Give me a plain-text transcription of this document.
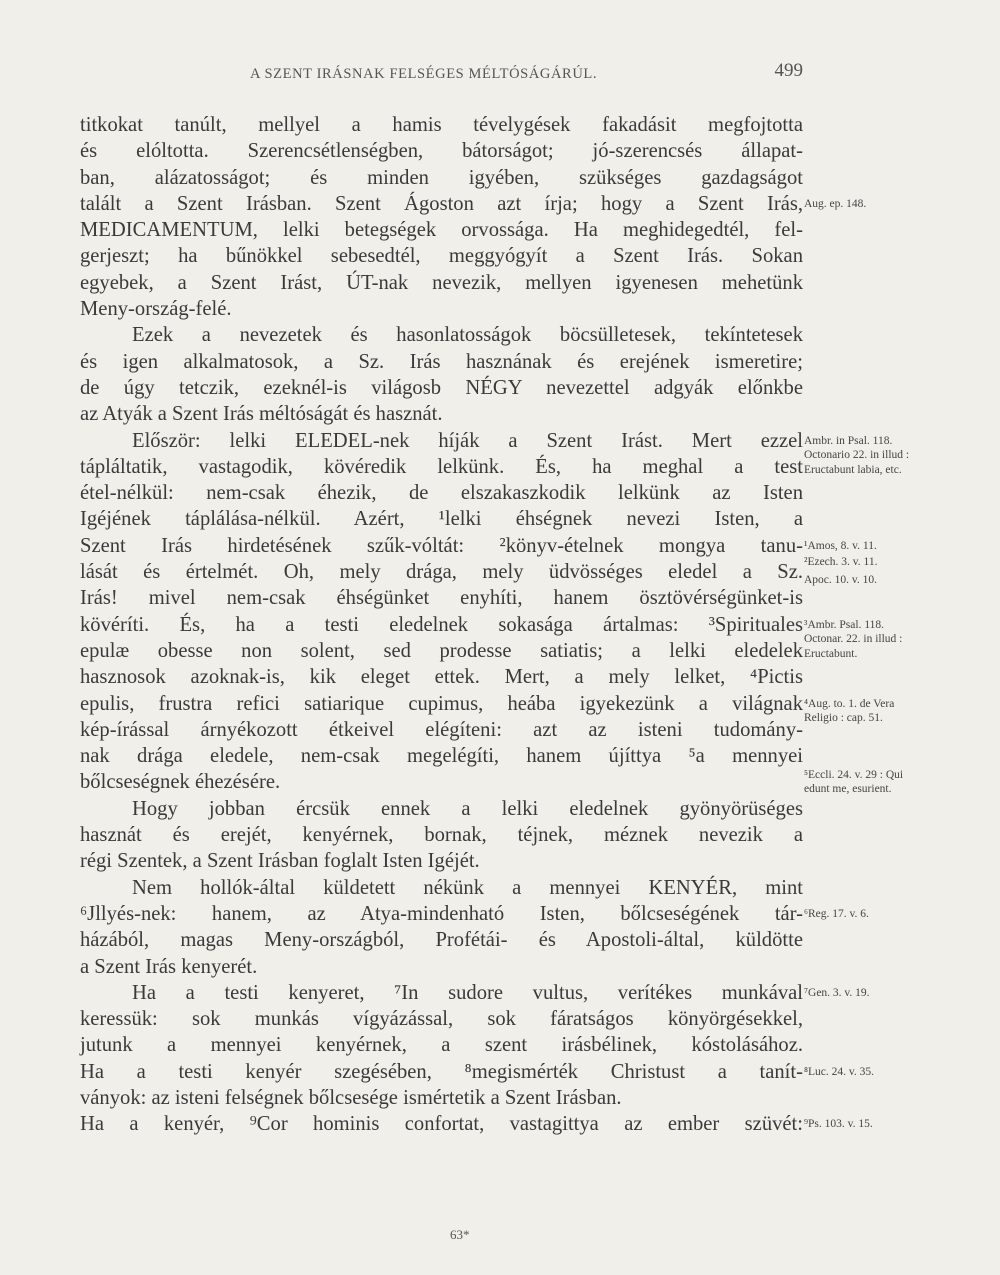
A SZENT IRÁSNAK FELSÉGES MÉLTÓSÁGÁRÚL.	499
titkokat tanúlt, mellyel a hamis tévelygések fakadásit megfojtotta
és elóltotta. Szerencsétlenségben, bátorságot; jó-szerencsés állapat-
ban, alázatosságot; és minden igyében, szükséges gazdagságot
talált a Szent Irásban. Szent Ágoston azt írja; hogy a Szent Irás,
MEDICAMENTUM, lelki betegségek orvossága. Ha meghidegedtél, fel-
gerjeszt; ha bűnökkel sebesedtél, meggyógyít a Szent Irás. Sokan
egyebek, a Szent Irást, ÚT-nak nevezik, mellyen igyenesen mehetünk
Meny-ország-felé.
Ezek a nevezetek és hasonlatosságok böcsülletesek, tekíntetesek
és igen alkalmatosok, a Sz. Irás hasznának és erejének ismeretire;
de úgy tetczik, ezeknél-is világosb NÉGY nevezettel adgyák előnkbe
az Atyák a Szent Irás méltóságát és hasznát.
Először: lelki ELEDEL-nek híják a Szent Irást. Mert ezzel
tápláltatik, vastagodik, kövéredik lelkünk. És, ha meghal a test
étel-nélkül: nem-csak éhezik, de elszakaszkodik lelkünk az Isten
Igéjének táplálása-nélkül. Azért, ¹lelki éhségnek nevezi Isten, a
Szent Irás hirdetésének szűk-vóltát: ²könyv-ételnek mongya tanu-
lását és értelmét. Oh, mely drága, mely üdvösséges eledel a Sz.
Irás! mivel nem-csak éhségünket enyhíti, hanem ösztövérségünket-is
kövéríti. És, ha a testi eledelnek sokasága ártalmas: ³Spirituales
epulæ obesse non solent, sed prodesse satiatis; a lelki eledelek
hasznosok azoknak-is, kik eleget ettek. Mert, a mely lelket, ⁴Pictis
epulis, frustra refici satiarique cupimus, heába igyekezünk a világnak
kép-írással árnyékozott étkeivel elégíteni: azt az isteni tudomány-
nak drága eledele, nem-csak megelégíti, hanem újíttya ⁵a mennyei
bőlcseségnek éhezésére.
Hogy jobban ércsük ennek a lelki eledelnek gyönyörüséges
hasznát és erejét, kenyérnek, bornak, téjnek, méznek nevezik a
régi Szentek, a Szent Irásban foglalt Isten Igéjét.
Nem hollók-által küldetett nékünk a mennyei KENYÉR, mint
⁶Jllyés-nek: hanem, az Atya-mindenható Isten, bőlcseségének tár-
házából, magas Meny-országból, Profétái- és Apostoli-által, küldötte
a Szent Irás kenyerét.
Ha a testi kenyeret, ⁷In sudore vultus, verítékes munkával
keressük: sok munkás vígyázással, sok fáratságos könyörgésekkel,
jutunk a mennyei kenyérnek, a szent irásbélinek, kóstolásához.
Ha a testi kenyér szegésében, ⁸megismérték Christust a tanít-
ványok: az isteni felségnek bőlcsesége ismértetik a Szent Irásban.
Ha a kenyér, ⁹Cor hominis confortat, vastagittya az ember szüvét:
Aug. ep. 148.
Ambr. in Psal. 118. Octonario 22. in illud : Eructabunt labia, etc.
¹Amos, 8. v. 11.
²Ezech. 3. v. 11.
Apoc. 10. v. 10.
³Ambr. Psal. 118. Octonar. 22. in illud : Eructabunt.
⁴Aug. to. 1. de Vera Religio : cap. 51.
⁵Eccli. 24. v. 29 : Qui edunt me, esurient.
⁶Reg. 17. v. 6.
⁷Gen. 3. v. 19.
⁸Luc. 24. v. 35.
⁹Ps. 103. v. 15.
63*
